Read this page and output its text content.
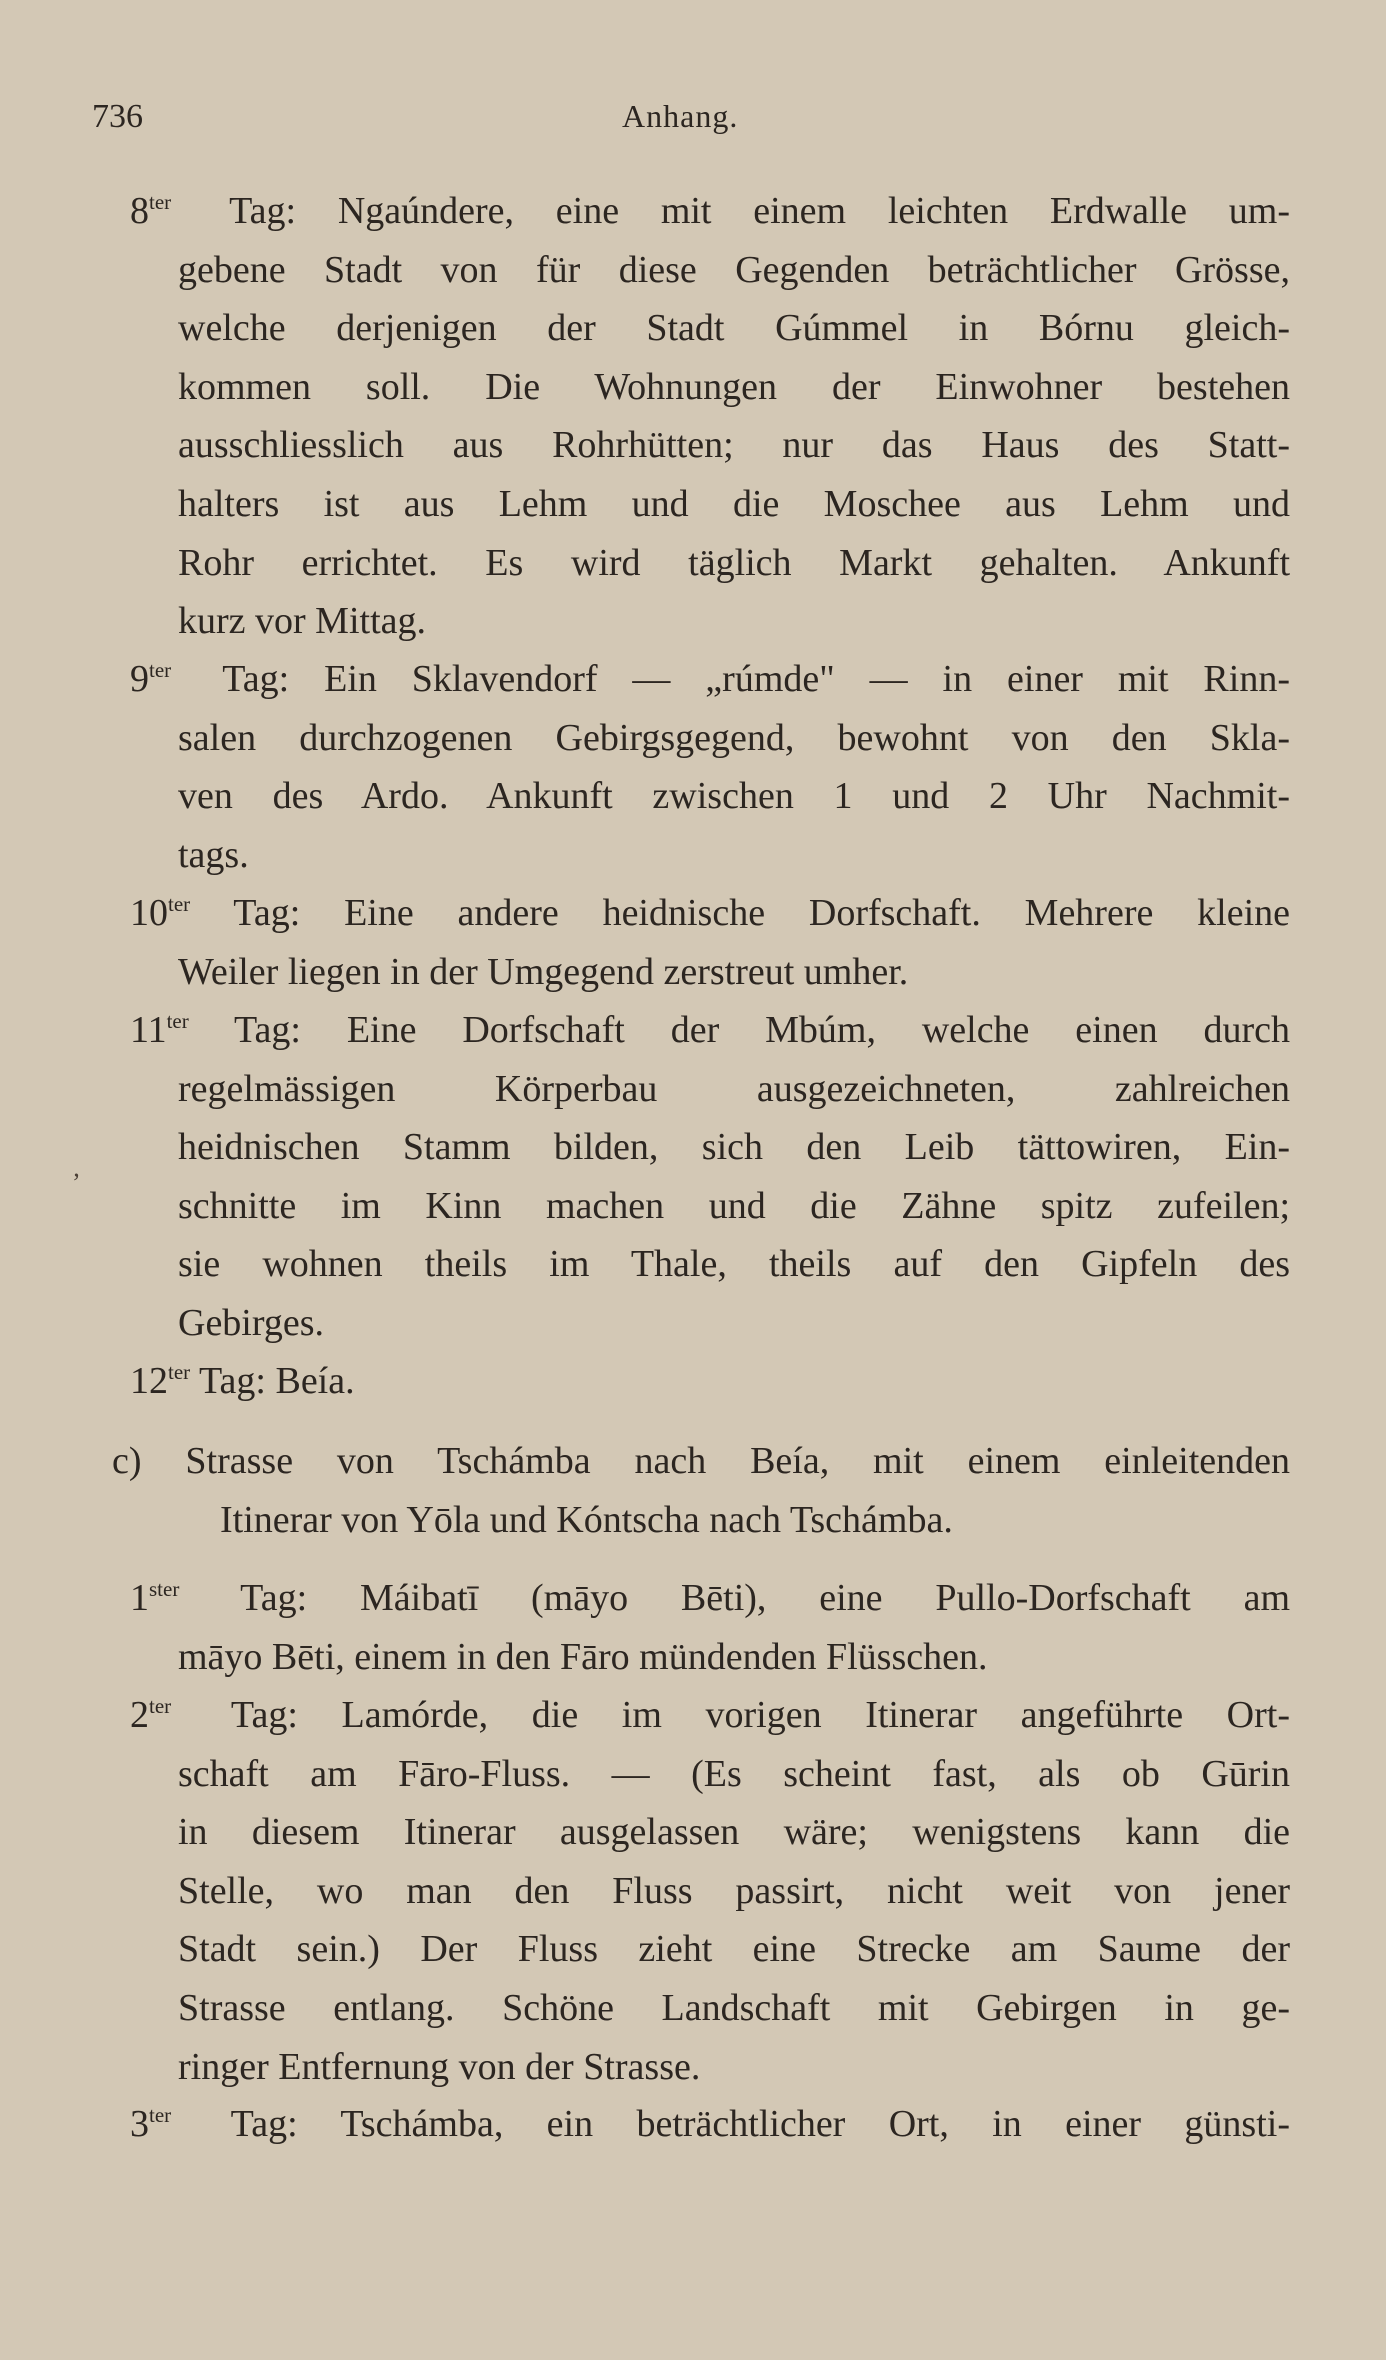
736	Anhang.
$8^{ter}$ Tag: Ngaúndere, eine mit einem leichten Erdwalle um-
gebene Stadt von für diese Gegenden beträchtlicher Grösse,
welche derjenigen der Stadt Gúmmel in Bórnu gleich-
kommen soll. Die Wohnungen der Einwohner bestehen
ausschliesslich aus Rohrhütten; nur das Haus des Statt-
halters ist aus Lehm und die Moschee aus Lehm und
Rohr errichtet. Es wird täglich Markt gehalten. Ankunft
kurz vor Mittag.
$9^{ter}$ Tag: Ein Sklavendorf — „rúmde" — in einer mit Rinn-
salen durchzogenen Gebirgsgegend, bewohnt von den Skla-
ven des Ardo. Ankunft zwischen 1 und 2 Uhr Nachmit-
tags.
$10^{ter}$ Tag: Eine andere heidnische Dorfschaft. Mehrere kleine
Weiler liegen in der Umgegend zerstreut umher.
$11^{ter}$ Tag: Eine Dorfschaft der Mbúm, welche einen durch
regelmässigen Körperbau ausgezeichneten, zahlreichen
heidnischen Stamm bilden, sich den Leib tättowiren, Ein-
schnitte im Kinn machen und die Zähne spitz zufeilen;
sie wohnen theils im Thale, theils auf den Gipfeln des
Gebirges.
$12^{ter}$ Tag: Beía.
c) Strasse von Tschámba nach Beía, mit einem einleitenden
Itinerar von Yōla und Kóntscha nach Tschámba.
$1^{ster}$ Tag: Máibatī (māyo Bēti), eine Pullo-Dorfschaft am
māyo Bēti, einem in den Fāro mündenden Flüsschen.
$2^{ter}$ Tag: Lamórde, die im vorigen Itinerar angeführte Ort-
schaft am Fāro-Fluss. — (Es scheint fast, als ob Gūrin
in diesem Itinerar ausgelassen wäre; wenigstens kann die
Stelle, wo man den Fluss passirt, nicht weit von jener
Stadt sein.) Der Fluss zieht eine Strecke am Saume der
Strasse entlang. Schöne Landschaft mit Gebirgen in ge-
ringer Entfernung von der Strasse.
$3^{ter}$ Tag: Tschámba, ein beträchtlicher Ort, in einer günsti-
ʼ
